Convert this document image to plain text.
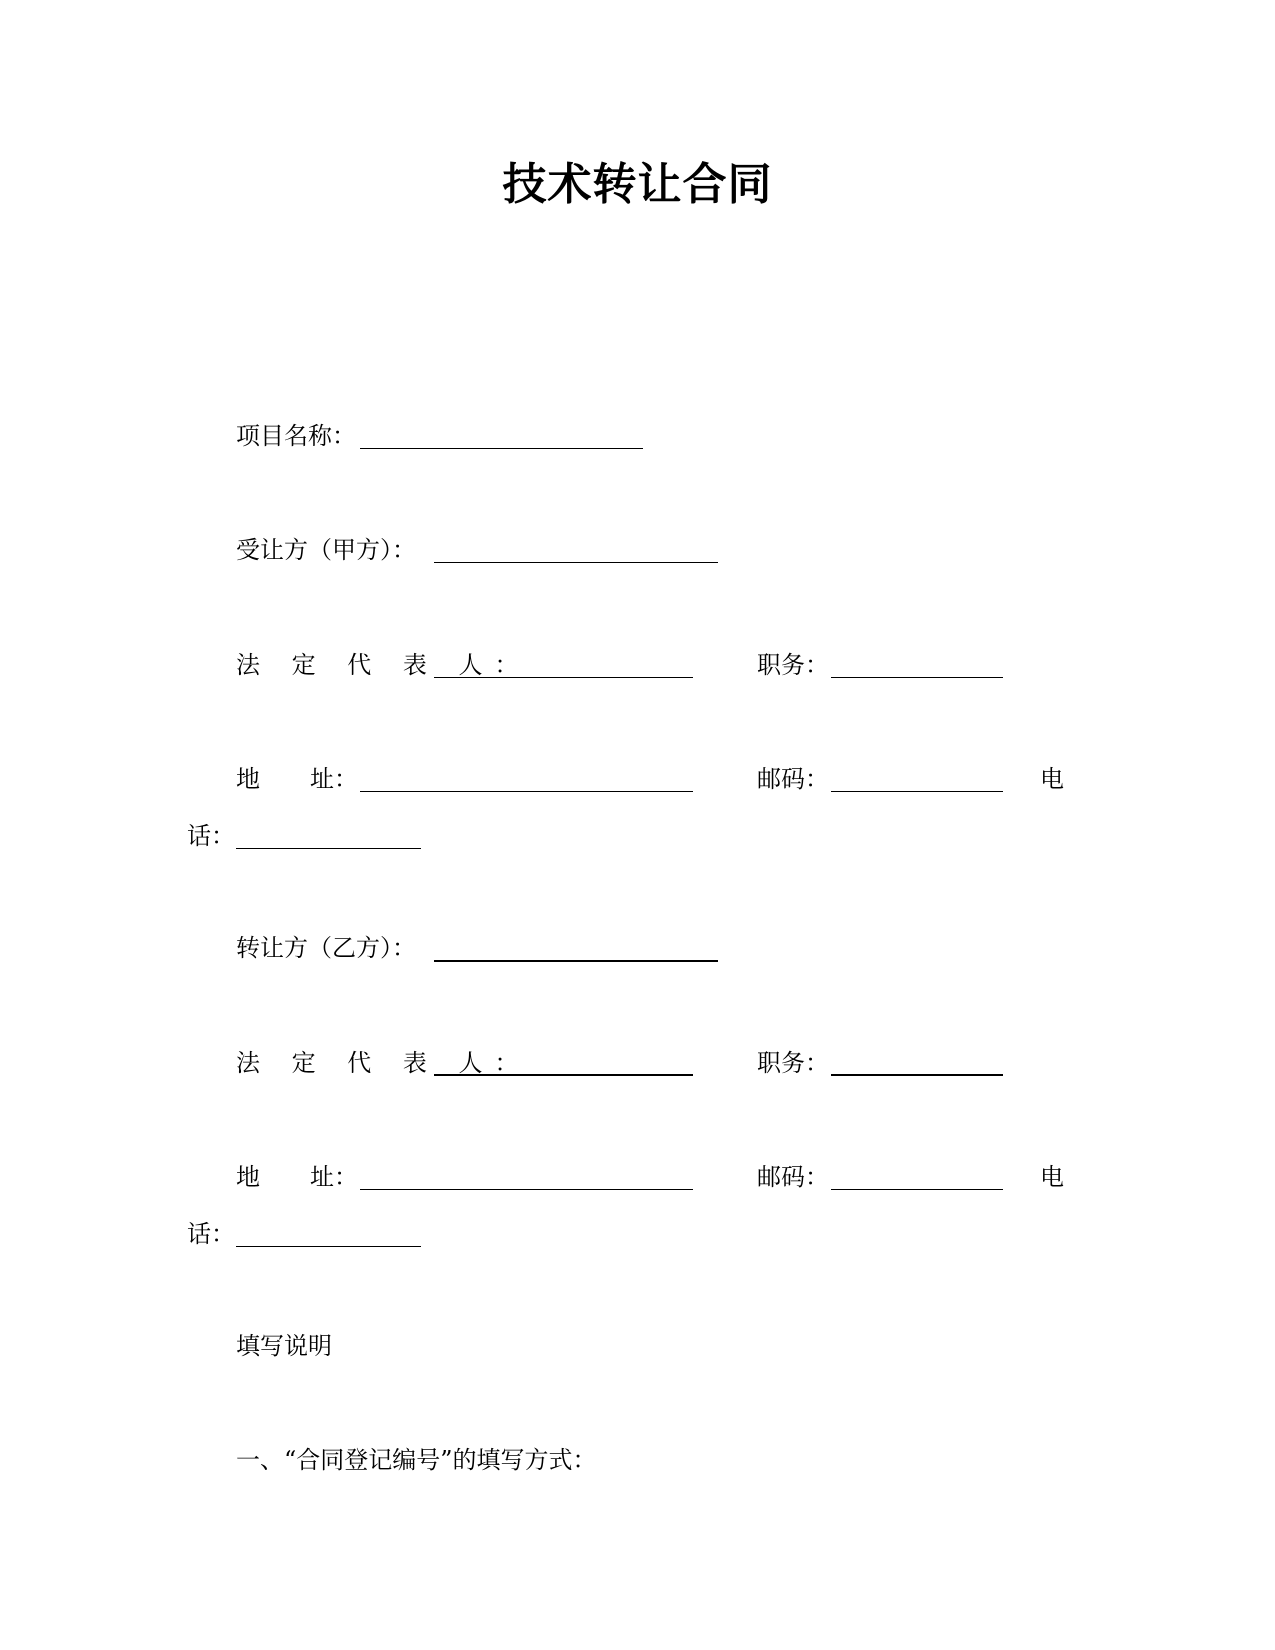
技术转让合同
项目名称：
受让方（甲方）：
法 定 代 表 人：	职务：
地 址：	邮码：	电
话：
转让方（乙方）：
法 定 代 表 人：	职务：
地 址：	邮码：	电
话：
填写说明
一、“合同登记编号”的填写方式：
